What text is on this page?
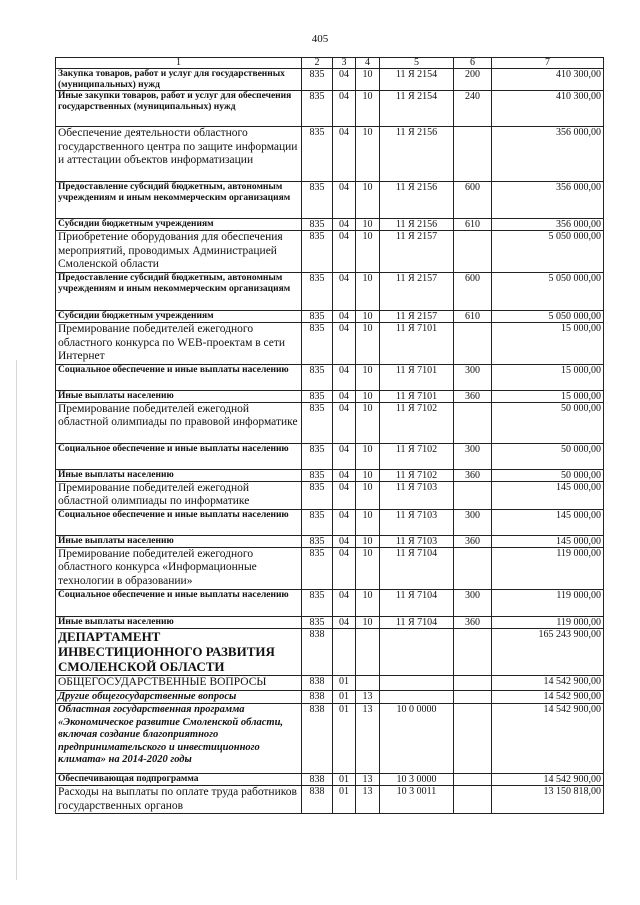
405
1	2	3	4	5	6	7
Закупка товаров, работ и услуг для государственных (муниципальных) нужд	835	04	10	11 Я 2154	200	410 300,00
Иные закупки товаров, работ и услуг для обеспечения государственных (муниципальных) нужд	835	04	10	11 Я 2154	240	410 300,00
Обеспечение деятельности областного государственного центра по защите информации и аттестации объектов информатизации	835	04	10	11 Я 2156		356 000,00
Предоставление субсидий бюджетным, автономным учреждениям и иным некоммерческим организациям	835	04	10	11 Я 2156	600	356 000,00
Субсидии бюджетным учреждениям	835	04	10	11 Я 2156	610	356 000,00
Приобретение оборудования для обеспечения мероприятий, проводимых Администрацией Смоленской области	835	04	10	11 Я 2157		5 050 000,00
Предоставление субсидий бюджетным, автономным учреждениям и иным некоммерческим организациям	835	04	10	11 Я 2157	600	5 050 000,00
Субсидии бюджетным учреждениям	835	04	10	11 Я 2157	610	5 050 000,00
Премирование победителей ежегодного областного конкурса по WEB-проектам в сети Интернет	835	04	10	11 Я 7101		15 000,00
Социальное обеспечение и иные выплаты населению	835	04	10	11 Я 7101	300	15 000,00
Иные выплаты населению	835	04	10	11 Я 7101	360	15 000,00
Премирование победителей ежегодной областной олимпиады по правовой информатике	835	04	10	11 Я 7102		50 000,00
Социальное обеспечение и иные выплаты населению	835	04	10	11 Я 7102	300	50 000,00
Иные выплаты населению	835	04	10	11 Я 7102	360	50 000,00
Премирование победителей ежегодной областной олимпиады по информатике	835	04	10	11 Я 7103		145 000,00
Социальное обеспечение и иные выплаты населению	835	04	10	11 Я 7103	300	145 000,00
Иные выплаты населению	835	04	10	11 Я 7103	360	145 000,00
Премирование победителей ежегодного областного конкурса «Информационные технологии в образовании»	835	04	10	11 Я 7104		119 000,00
Социальное обеспечение и иные выплаты населению	835	04	10	11 Я 7104	300	119 000,00
Иные выплаты населению	835	04	10	11 Я 7104	360	119 000,00
ДЕПАРТАМЕНТ ИНВЕСТИЦИОННОГО РАЗВИТИЯ СМОЛЕНСКОЙ ОБЛАСТИ	838					165 243 900,00
ОБЩЕГОСУДАРСТВЕННЫЕ ВОПРОСЫ	838	01				14 542 900,00
Другие общегосударственные вопросы	838	01	13			14 542 900,00
Областная государственная программа «Экономическое развитие Смоленской области, включая создание благоприятного предпринимательского и инвестиционного климата» на 2014-2020 годы	838	01	13	10 0 0000		14 542 900,00
Обеспечивающая подпрограмма	838	01	13	10 3 0000		14 542 900,00
Расходы на выплаты по оплате труда работников государственных органов	838	01	13	10 3 0011		13 150 818,00
